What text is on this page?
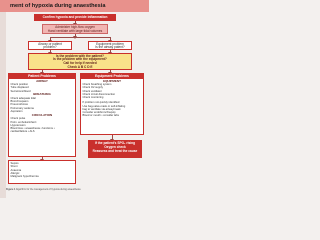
ment of hypoxia during anaesthesia
Confirm hypoxia and provide inflammation
Administer high-flow oxygen
Hand ventilate with large tidal volumes
Airway or patient
problem?
Equipment problem
Is the airway patent?
Is the problem with the patient?
Is the problem with the equipment?
Call for help if needed
Check A B C D E
Patient Problems
AIRWAY
Check position
Tube displaced
Secretions/blood
BREATHING
Check adequate tidal
Bronchospasm
Pneumothorax
Pulmonary oedema
Aspiration
CIRCULATION
Check pulse
Pulm. embolus/infarct
Hypotension
Blood loss • anaesthesia • functions •
cardiac/failure • ALS
Equipment Problems
EQUIPMENT
Check breathing system
Check O2 supply
Check ventilator
Check circuit disconnection
Check monitoring
If problem not quickly identified
Use bag-valve-mask or self-inflating
bag to ventilate via airway/mask
Consider endobronch/equip
Blood or mouth • consider labs
If the patient's SPO₂ rising
Oxygen check
Reassess and treat the cause
Sepsis
Shunt
Anaemia
Allergic
Malignant hyperthermia
Figure 1 Algorithm for the management of hypoxia during anaesthesia
